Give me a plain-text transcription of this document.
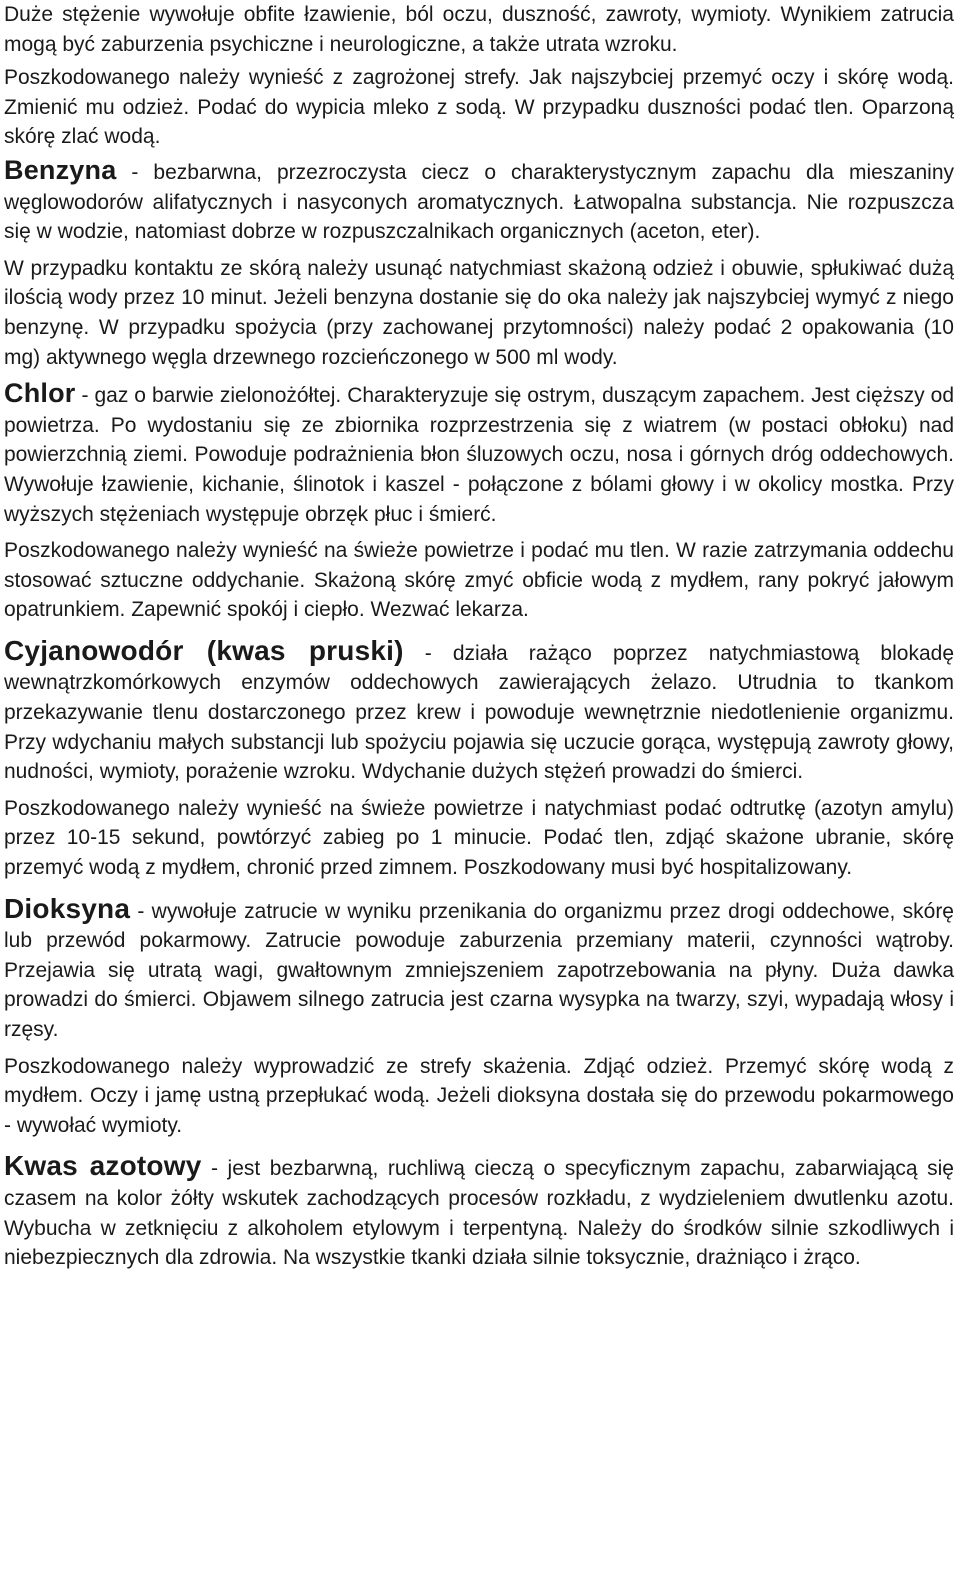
Duże stężenie wywołuje obfite łzawienie, ból oczu, duszność, zawroty, wymioty. Wynikiem zatrucia mogą być zaburzenia psychiczne i neurologiczne, a także utrata wzroku.

Poszkodowanego należy wynieść z zagrożonej strefy. Jak najszybciej przemyć oczy i skórę wodą. Zmienić mu odzież. Podać do wypicia mleko z sodą. W przypadku duszności podać tlen. Oparzoną skórę zlać wodą.

Benzyna - bezbarwna, przezroczysta ciecz o charakterystycznym zapachu dla mieszaniny węglowodorów alifatycznych i nasyconych aromatycznych. Łatwopalna substancja. Nie rozpuszcza się w wodzie, natomiast dobrze w rozpuszczalnikach organicznych (aceton, eter).

W przypadku kontaktu ze skórą należy usunąć natychmiast skażoną odzież i obuwie, spłukiwać dużą ilością wody przez 10 minut. Jeżeli benzyna dostanie się do oka należy jak najszybciej wymyć z niego benzynę. W przypadku spożycia (przy zachowanej przytomności) należy podać 2 opakowania (10 mg) aktywnego węgla drzewnego rozcieńczonego w 500 ml wody.

Chlor - gaz o barwie zielonożółtej. Charakteryzuje się ostrym, duszącym zapachem. Jest cięższy od powietrza. Po wydostaniu się ze zbiornika rozprzestrzenia się z wiatrem (w postaci obłoku) nad powierzchnią ziemi. Powoduje podrażnienia błon śluzowych oczu, nosa i górnych dróg oddechowych. Wywołuje łzawienie, kichanie, ślinotok i kaszel - połączone z bólami głowy i w okolicy mostka. Przy wyższych stężeniach występuje obrzęk płuc i śmierć.

Poszkodowanego należy wynieść na świeże powietrze i podać mu tlen. W razie zatrzymania oddechu stosować sztuczne oddychanie. Skażoną skórę zmyć obficie wodą z mydłem, rany pokryć jałowym opatrunkiem. Zapewnić spokój i ciepło. Wezwać lekarza.

Cyjanowodór (kwas pruski) - działa rażąco poprzez natychmiastową blokadę wewnątrzkomórkowych enzymów oddechowych zawierających żelazo. Utrudnia to tkankom przekazywanie tlenu dostarczonego przez krew i powoduje wewnętrznie niedotlenienie organizmu. Przy wdychaniu małych substancji lub spożyciu pojawia się uczucie gorąca, występują zawroty głowy, nudności, wymioty, porażenie wzroku. Wdychanie dużych stężeń prowadzi do śmierci.

Poszkodowanego należy wynieść na świeże powietrze i natychmiast podać odtrutkę (azotyn amylu) przez 10-15 sekund, powtórzyć zabieg po 1 minucie. Podać tlen, zdjąć skażone ubranie, skórę przemyć wodą z mydłem, chronić przed zimnem. Poszkodowany musi być hospitalizowany.

Dioksyna - wywołuje zatrucie w wyniku przenikania do organizmu przez drogi oddechowe, skórę lub przewód pokarmowy. Zatrucie powoduje zaburzenia przemiany materii, czynności wątroby. Przejawia się utratą wagi, gwałtownym zmniejszeniem zapotrzebowania na płyny. Duża dawka prowadzi do śmierci. Objawem silnego zatrucia jest czarna wysypka na twarzy, szyi, wypadają włosy i rzęsy.

Poszkodowanego należy wyprowadzić ze strefy skażenia. Zdjąć odzież. Przemyć skórę wodą z mydłem. Oczy i jamę ustną przepłukać wodą. Jeżeli dioksyna dostała się do przewodu pokarmowego - wywołać wymioty.

Kwas azotowy - jest bezbarwną, ruchliwą cieczą o specyficznym zapachu, zabarwiającą się czasem na kolor żółty wskutek zachodzących procesów rozkładu, z wydzieleniem dwutlenku azotu. Wybucha w zetknięciu z alkoholem etylowym i terpentyną. Należy do środków silnie szkodliwych i niebezpiecznych dla zdrowia. Na wszystkie tkanki działa silnie toksycznie, drażniąco i żrąco.
